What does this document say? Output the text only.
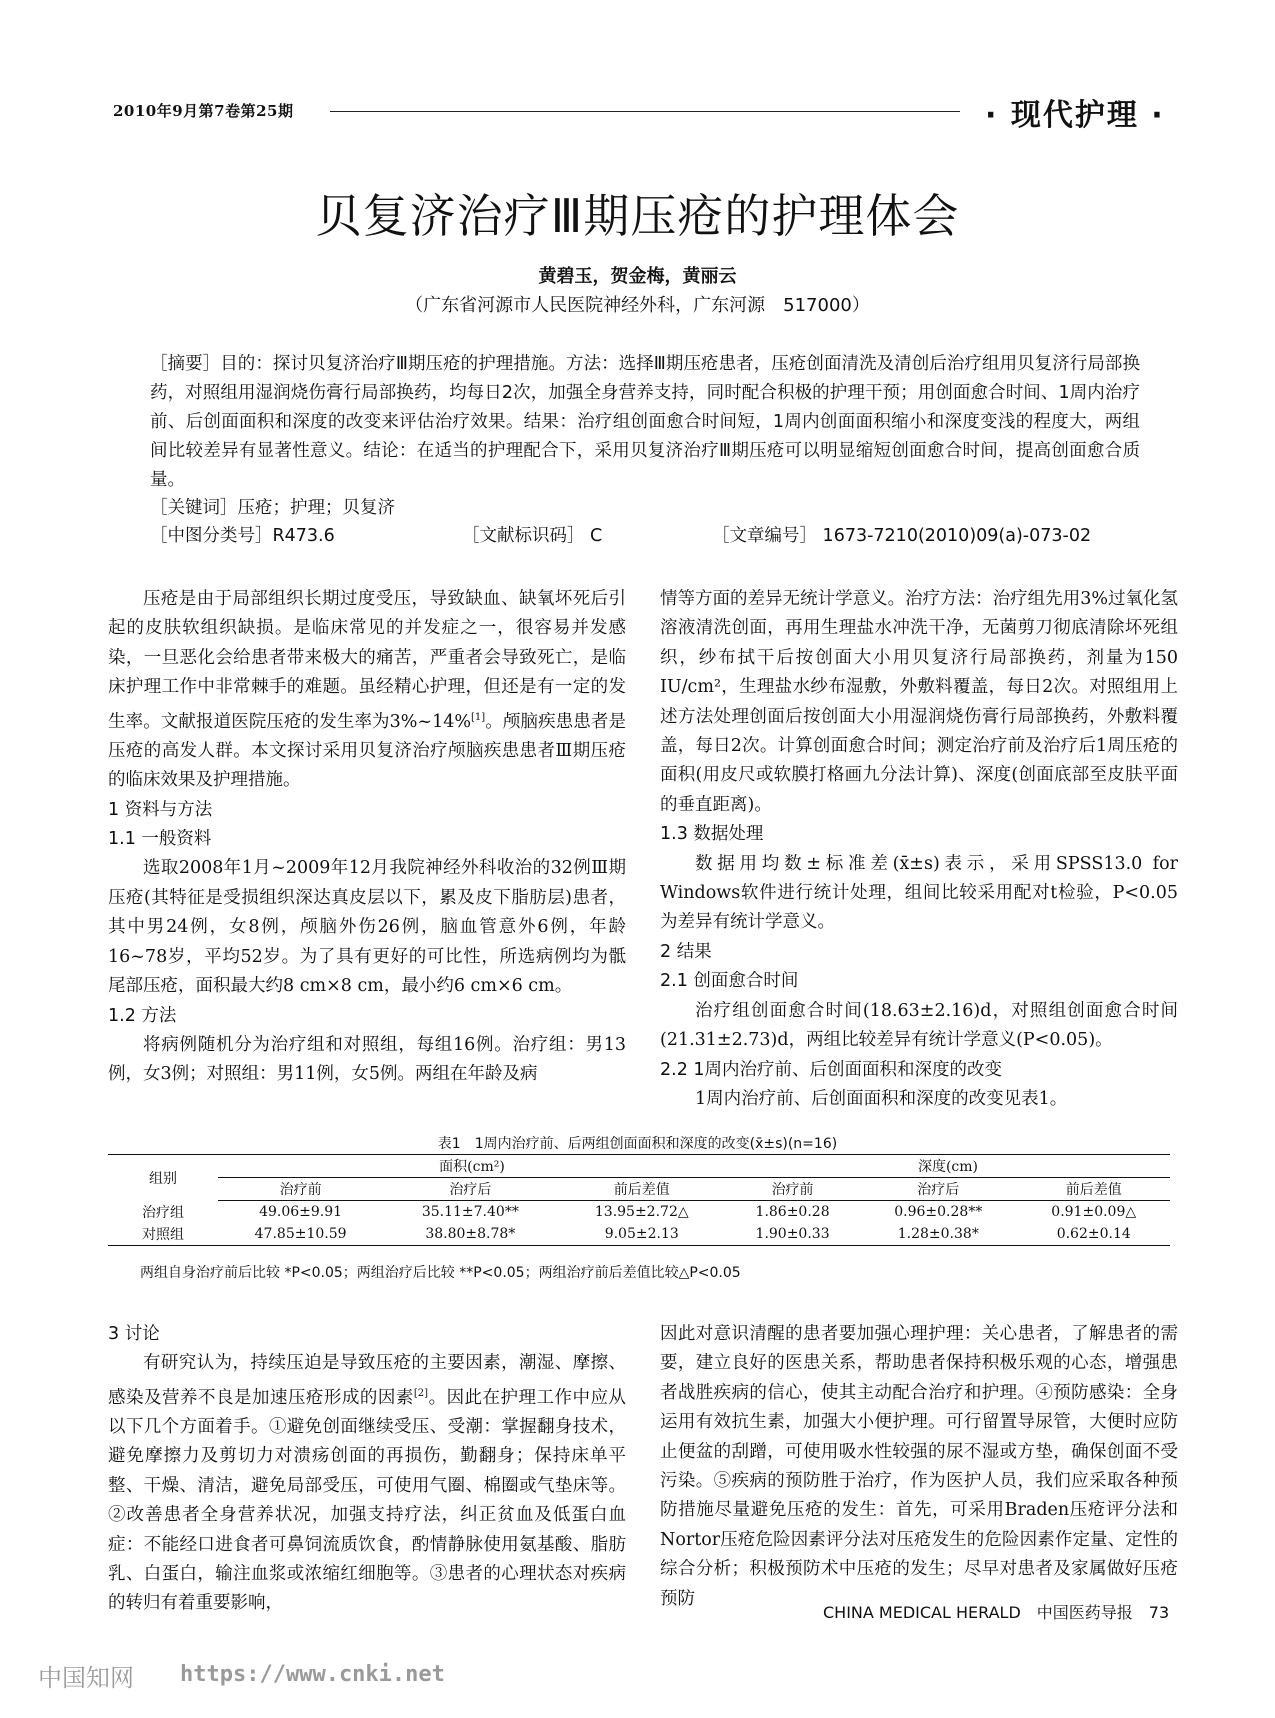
2010年9月第7卷第25期	· 现代护理 ·
贝复济治疗Ⅲ期压疮的护理体会
黄碧玉，贺金梅，黄丽云
（广东省河源市人民医院神经外科，广东河源　517000）
［摘要］目的：探讨贝复济治疗Ⅲ期压疮的护理措施。方法：选择Ⅲ期压疮患者，压疮创面清洗及清创后治疗组用贝复济行局部换药，对照组用湿润烧伤膏行局部换药，均每日2次，加强全身营养支持，同时配合积极的护理干预；用创面愈合时间、1周内治疗前、后创面面积和深度的改变来评估治疗效果。结果：治疗组创面愈合时间短，1周内创面面积缩小和深度变浅的程度大，两组间比较差异有显著性意义。结论：在适当的护理配合下，采用贝复济治疗Ⅲ期压疮可以明显缩短创面愈合时间，提高创面愈合质量。
［关键词］压疮；护理；贝复济
［中图分类号］R473.6	［文献标识码］ C	［文章编号］ 1673-7210(2010)09(a)-073-02

压疮是由于局部组织长期过度受压，导致缺血、缺氧坏死后引起的皮肤软组织缺损。是临床常见的并发症之一，很容易并发感染，一旦恶化会给患者带来极大的痛苦，严重者会导致死亡，是临床护理工作中非常棘手的难题。虽经精心护理，但还是有一定的发生率。文献报道医院压疮的发生率为3%~14%[1]。颅脑疾患患者是压疮的高发人群。本文探讨采用贝复济治疗颅脑疾患患者Ⅲ期压疮的临床效果及护理措施。

1 资料与方法

1.1 一般资料

选取2008年1月~2009年12月我院神经外科收治的32例Ⅲ期压疮(其特征是受损组织深达真皮层以下，累及皮下脂肪层)患者，其中男24例，女8例，颅脑外伤26例，脑血管意外6例，年龄16~78岁，平均52岁。为了具有更好的可比性，所选病例均为骶尾部压疮，面积最大约8 cm×8 cm，最小约6 cm×6 cm。

1.2 方法

将病例随机分为治疗组和对照组，每组16例。治疗组：男13例，女3例；对照组：男11例，女5例。两组在年龄及病

情等方面的差异无统计学意义。治疗方法：治疗组先用3%过氧化氢溶液清洗创面，再用生理盐水冲洗干净，无菌剪刀彻底清除坏死组织，纱布拭干后按创面大小用贝复济行局部换药，剂量为150 IU/cm²，生理盐水纱布湿敷，外敷料覆盖，每日2次。对照组用上述方法处理创面后按创面大小用湿润烧伤膏行局部换药，外敷料覆盖，每日2次。计算创面愈合时间；测定治疗前及治疗后1周压疮的面积(用皮尺或软膜打格画九分法计算)、深度(创面底部至皮肤平面的垂直距离)。

1.3 数据处理

数据用均数±标准差(x̄±s)表示，采用SPSS13.0 for Windows软件进行统计处理，组间比较采用配对t检验，P<0.05为差异有统计学意义。

2 结果

2.1 创面愈合时间

治疗组创面愈合时间(18.63±2.16)d，对照组创面愈合时间(21.31±2.73)d，两组比较差异有统计学意义(P<0.05)。

2.2 1周内治疗前、后创面面积和深度的改变

1周内治疗前、后创面面积和深度的改变见表1。

表1　1周内治疗前、后两组创面面积和深度的改变(x̄±s)(n=16)
组别	面积(cm²)			深度(cm)		
	治疗前	治疗后	前后差值	治疗前	治疗后	前后差值
治疗组	49.06±9.91	35.11±7.40**	13.95±2.72△	1.86±0.28	0.96±0.28**	0.91±0.09△
对照组	47.85±10.59	38.80±8.78*	9.05±2.13	1.90±0.33	1.28±0.38*	0.62±0.14
两组自身治疗前后比较 *P<0.05；两组治疗后比较 **P<0.05；两组治疗前后差值比较△P<0.05

3 讨论

有研究认为，持续压迫是导致压疮的主要因素，潮湿、摩擦、感染及营养不良是加速压疮形成的因素[2]。因此在护理工作中应从以下几个方面着手。①避免创面继续受压、受潮：掌握翻身技术，避免摩擦力及剪切力对溃疡创面的再损伤，勤翻身；保持床单平整、干燥、清洁，避免局部受压，可使用气圈、棉圈或气垫床等。②改善患者全身营养状况，加强支持疗法，纠正贫血及低蛋白血症：不能经口进食者可鼻饲流质饮食，酌情静脉使用氨基酸、脂肪乳、白蛋白，输注血浆或浓缩红细胞等。③患者的心理状态对疾病的转归有着重要影响，

因此对意识清醒的患者要加强心理护理：关心患者，了解患者的需要，建立良好的医患关系，帮助患者保持积极乐观的心态，增强患者战胜疾病的信心，使其主动配合治疗和护理。④预防感染：全身运用有效抗生素，加强大小便护理。可行留置导尿管，大便时应防止便盆的刮蹭，可使用吸水性较强的尿不湿或方垫，确保创面不受污染。⑤疾病的预防胜于治疗，作为医护人员，我们应采取各种预防措施尽量避免压疮的发生：首先，可采用Braden压疮评分法和Nortor压疮危险因素评分法对压疮发生的危险因素作定量、定性的综合分析；积极预防术中压疮的发生；尽早对患者及家属做好压疮预防

CHINA MEDICAL HERALD　中国医药导报　73
中国知网 https://www.cnki.net
